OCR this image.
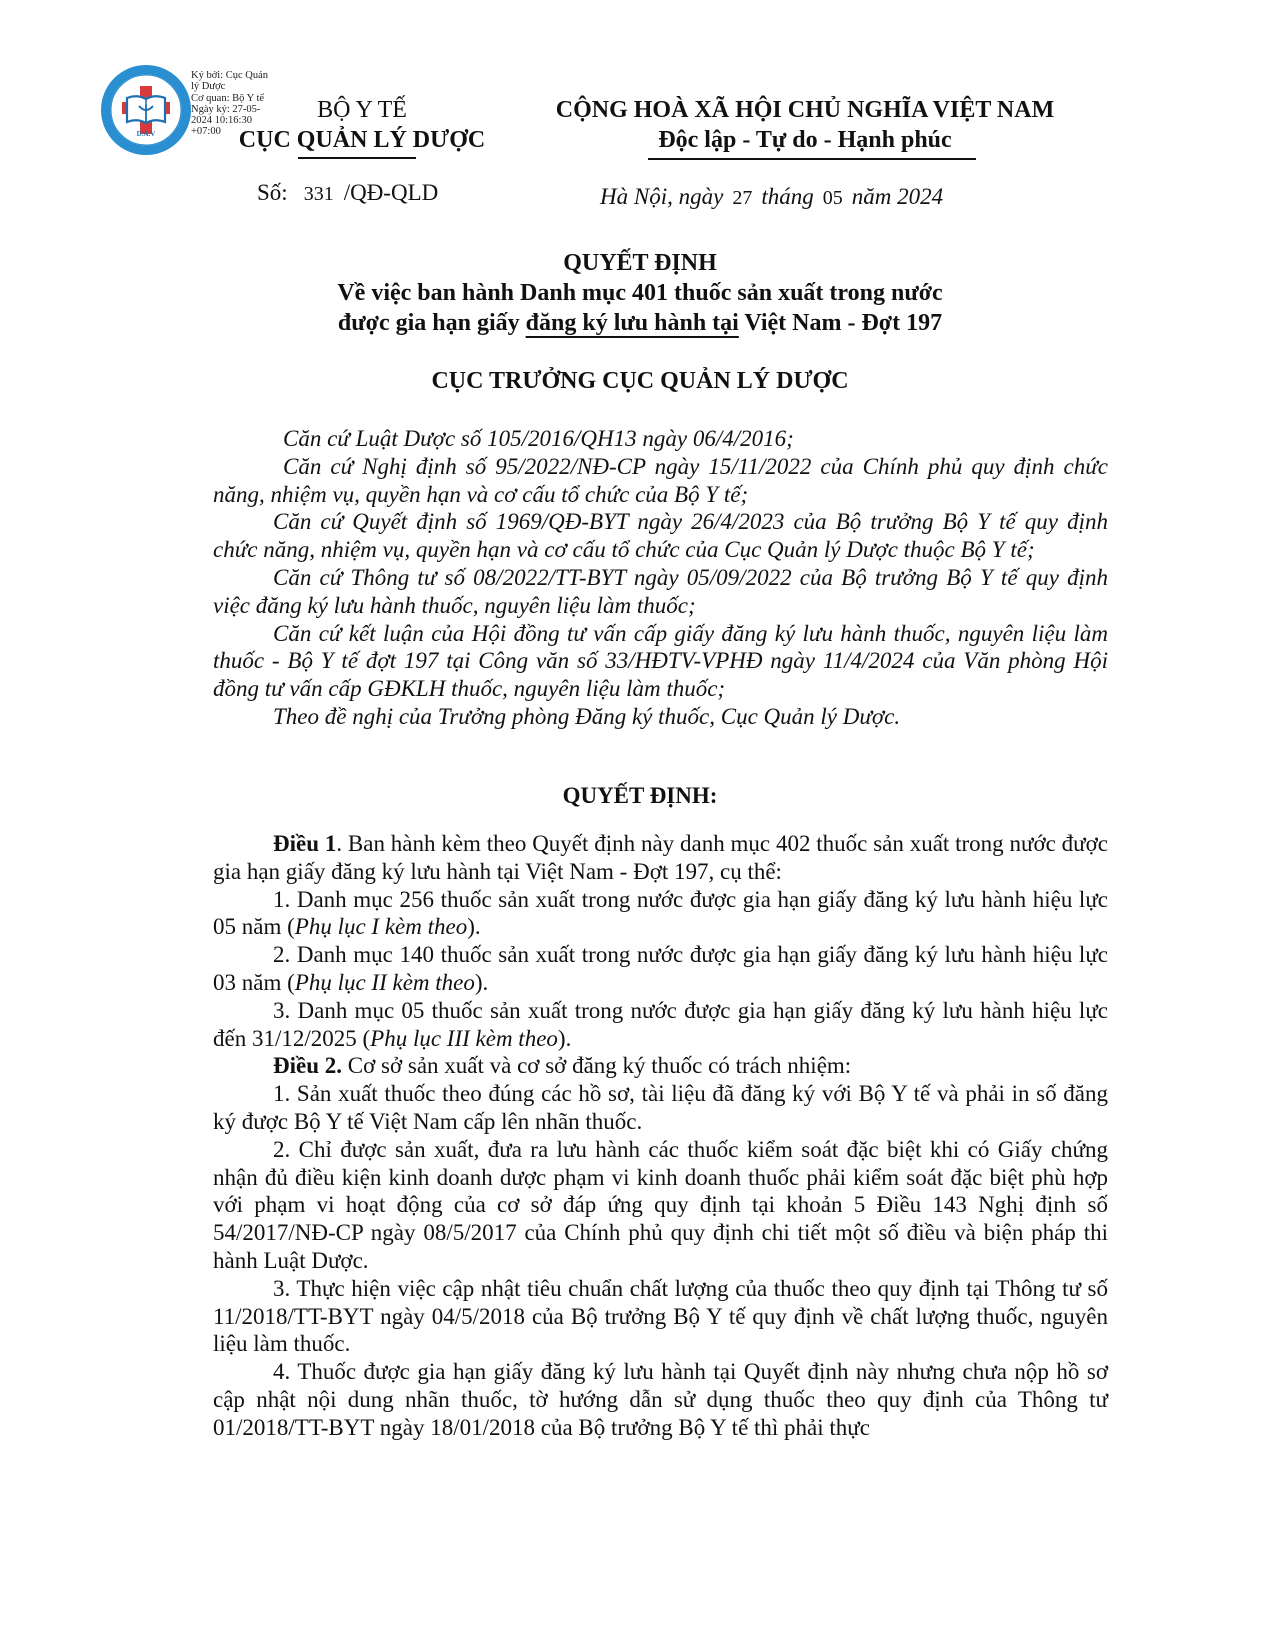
D.A.V
Ký bởi: Cục Quản
lý Dược
Cơ quan: Bộ Y tế
Ngày ký: 27-05-
2024 10:16:30
+07:00
BỘ Y TẾ
CỤC QUẢN LÝ DƯỢC
CỘNG HOÀ XÃ HỘI CHỦ NGHĨA VIỆT NAM
Độc lập - Tự do - Hạnh phúc
Số: 331 /QĐ-QLD	Hà Nội, ngày 27 tháng 05 năm 2024
QUYẾT ĐỊNH
Về việc ban hành Danh mục 401 thuốc sản xuất trong nước
được gia hạn giấy đăng ký lưu hành tại Việt Nam - Đợt 197
CỤC TRƯỞNG CỤC QUẢN LÝ DƯỢC

Căn cứ Luật Dược số 105/2016/QH13 ngày 06/4/2016;

Căn cứ Nghị định số 95/2022/NĐ-CP ngày 15/11/2022 của Chính phủ quy định chức năng, nhiệm vụ, quyền hạn và cơ cấu tổ chức của Bộ Y tế;

Căn cứ Quyết định số 1969/QĐ-BYT ngày 26/4/2023 của Bộ trưởng Bộ Y tế quy định chức năng, nhiệm vụ, quyền hạn và cơ cấu tổ chức của Cục Quản lý Dược thuộc Bộ Y tế;

Căn cứ Thông tư số 08/2022/TT-BYT ngày 05/09/2022 của Bộ trưởng Bộ Y tế quy định việc đăng ký lưu hành thuốc, nguyên liệu làm thuốc;

Căn cứ kết luận của Hội đồng tư vấn cấp giấy đăng ký lưu hành thuốc, nguyên liệu làm thuốc - Bộ Y tế đợt 197 tại Công văn số 33/HĐTV-VPHĐ ngày 11/4/2024 của Văn phòng Hội đồng tư vấn cấp GĐKLH thuốc, nguyên liệu làm thuốc;

Theo đề nghị của Trưởng phòng Đăng ký thuốc, Cục Quản lý Dược.

QUYẾT ĐỊNH:

Điều 1. Ban hành kèm theo Quyết định này danh mục 402 thuốc sản xuất trong nước được gia hạn giấy đăng ký lưu hành tại Việt Nam - Đợt 197, cụ thể:

1. Danh mục 256 thuốc sản xuất trong nước được gia hạn giấy đăng ký lưu hành hiệu lực 05 năm (Phụ lục I kèm theo).

2. Danh mục 140 thuốc sản xuất trong nước được gia hạn giấy đăng ký lưu hành hiệu lực 03 năm (Phụ lục II kèm theo).

3. Danh mục 05 thuốc sản xuất trong nước được gia hạn giấy đăng ký lưu hành hiệu lực đến 31/12/2025 (Phụ lục III kèm theo).

Điều 2. Cơ sở sản xuất và cơ sở đăng ký thuốc có trách nhiệm:

1. Sản xuất thuốc theo đúng các hồ sơ, tài liệu đã đăng ký với Bộ Y tế và phải in số đăng ký được Bộ Y tế Việt Nam cấp lên nhãn thuốc.

2. Chỉ được sản xuất, đưa ra lưu hành các thuốc kiểm soát đặc biệt khi có Giấy chứng nhận đủ điều kiện kinh doanh dược phạm vi kinh doanh thuốc phải kiểm soát đặc biệt phù hợp với phạm vi hoạt động của cơ sở đáp ứng quy định tại khoản 5 Điều 143 Nghị định số 54/2017/NĐ-CP ngày 08/5/2017 của Chính phủ quy định chi tiết một số điều và biện pháp thi hành Luật Dược.

3. Thực hiện việc cập nhật tiêu chuẩn chất lượng của thuốc theo quy định tại Thông tư số 11/2018/TT-BYT ngày 04/5/2018 của Bộ trưởng Bộ Y tế quy định về chất lượng thuốc, nguyên liệu làm thuốc.

4. Thuốc được gia hạn giấy đăng ký lưu hành tại Quyết định này nhưng chưa nộp hồ sơ cập nhật nội dung nhãn thuốc, tờ hướng dẫn sử dụng thuốc theo quy định của Thông tư 01/2018/TT-BYT ngày 18/01/2018 của Bộ trưởng Bộ Y tế thì phải thực
